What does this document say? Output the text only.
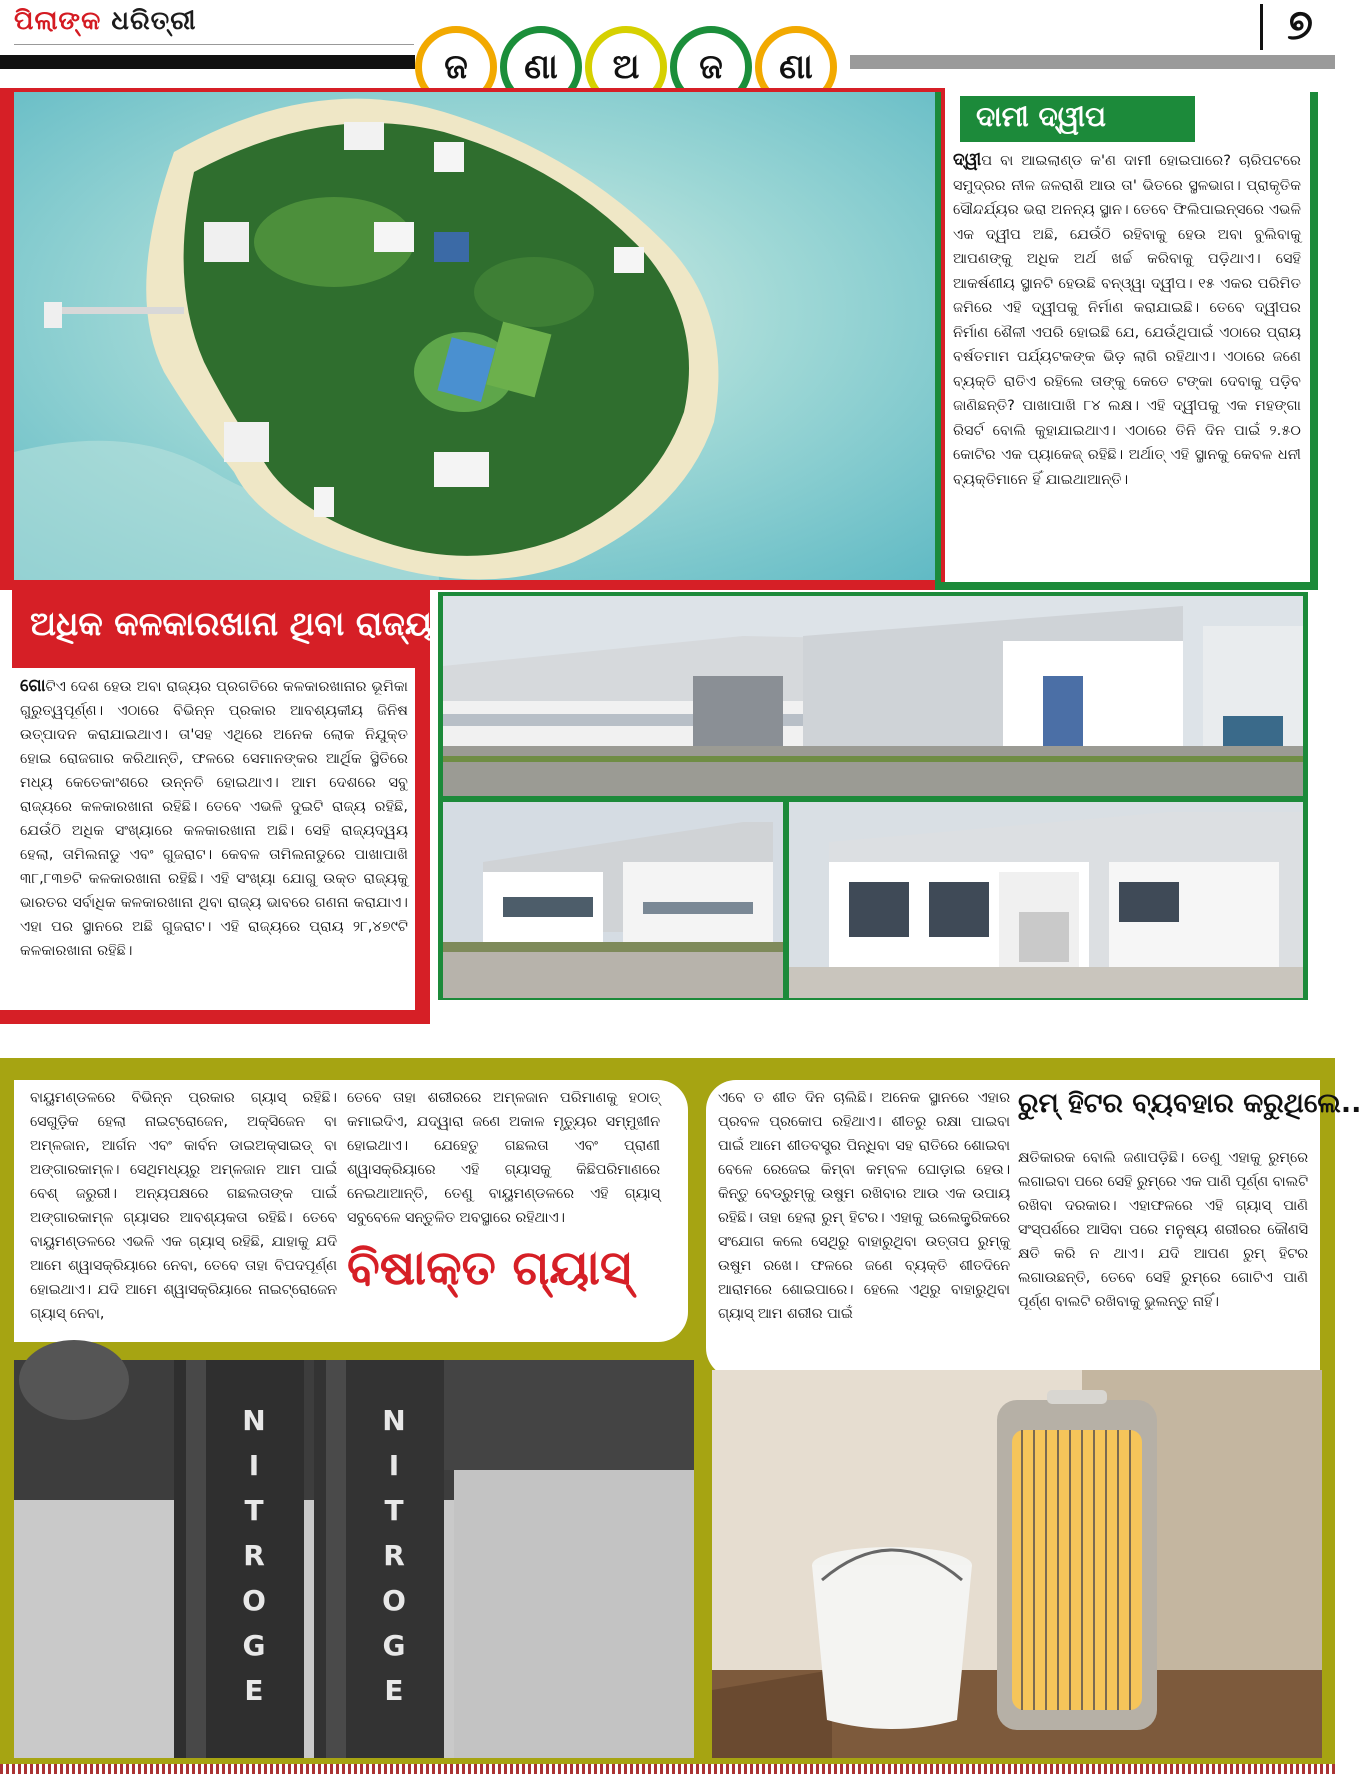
ପିଲାଙ୍କ ଧରିତ୍ରୀ	୭
ଜ	ଣା	ଅ	ଜ	ଣା
ଦାମୀ ଦ୍ୱୀପ
ଦ୍ୱୀପ ବା ଆଇଲାଣ୍ଡ କ'ଣ ଦାମୀ ହୋଇପାରେ? ଚାରିପଟରେ ସମୁଦ୍ରର ନୀଳ ଜଳରାଶି ଆଉ ତା' ଭିତରେ ସ୍ଥଳଭାଗ। ପ୍ରାକୃତିକ ସୌନ୍ଦର୍ଯ୍ୟର ଭରା ଅନନ୍ୟ ସ୍ଥାନ। ତେବେ ଫିଲିପାଇନ୍ସରେ ଏଭଳି ଏକ ଦ୍ୱୀପ ଅଛି, ଯେଉଁଠି ରହିବାକୁ ହେଉ ଅବା ବୁଲିବାକୁ ଆପଣଙ୍କୁ ଅଧିକ ଅର୍ଥ ଖର୍ଚ୍ଚ କରିବାକୁ ପଡ଼ିଥାଏ। ସେହି ଆକର୍ଷଣୀୟ ସ୍ଥାନଟି ହେଉଛି ବନ୍‌ଓ୍ୱା ଦ୍ୱୀପ। ୧୫ ଏକର ପରିମିତ ଜମିରେ ଏହି ଦ୍ୱୀପକୁ ନିର୍ମାଣ କରାଯାଇଛି। ତେବେ ଦ୍ୱୀପର ନିର୍ମାଣ ଶୈଳୀ ଏପରି ହୋଇଛି ଯେ, ଯେଉଁଥିପାଇଁ ଏଠାରେ ପ୍ରାୟ ବର୍ଷତମାମ ପର୍ଯ୍ୟଟକଙ୍କ ଭିଡ଼ ଲାଗି ରହିଥାଏ। ଏଠାରେ ଜଣେ ବ୍ୟକ୍ତି ରାତିଏ ରହିଲେ ତାଙ୍କୁ କେତେ ଟଙ୍କା ଦେବାକୁ ପଡ଼ିବ ଜାଣିଛନ୍ତି? ପାଖାପାଖି ୮୪ ଲକ୍ଷ। ଏହି ଦ୍ୱୀପକୁ ଏକ ମହଙ୍ଗା ରିସର୍ଟ ବୋଲି କୁହାଯାଇଥାଏ। ଏଠାରେ ତିନି ଦିନ ପାଇଁ ୨.୫୦ କୋଟିର ଏକ ପ୍ୟାକେଜ୍ ରହିଛି। ଅର୍ଥାତ୍ ଏହି ସ୍ଥାନକୁ କେବଳ ଧନୀ ବ୍ୟକ୍ତିମାନେ ହିଁ ଯାଇଥାଆନ୍ତି।
ଅଧିକ କଳକାରଖାନା ଥିବା ରାଜ୍ୟ
ଗୋଟିଏ ଦେଶ ହେଉ ଅବା ରାଜ୍ୟର ପ୍ରଗତିରେ କଳକାରଖାନାର ଭୂମିକା ଗୁରୁତ୍ୱପୂର୍ଣ୍ଣ। ଏଠାରେ ବିଭିନ୍ନ ପ୍ରକାର ଆବଶ୍ୟକୀୟ ଜିନିଷ ଉତ୍ପାଦନ କରାଯାଇଥାଏ। ତା'ସହ ଏଥିରେ ଅନେକ ଲୋକ ନିଯୁକ୍ତ ହୋଇ ରୋଜଗାର କରିଥାନ୍ତି, ଫଳରେ ସେମାନଙ୍କର ଆର୍ଥିକ ସ୍ଥିତିରେ ମଧ୍ୟ କେତେକାଂଶରେ ଉନ୍ନତି ହୋଇଥାଏ। ଆମ ଦେଶରେ ସବୁ ରାଜ୍ୟରେ କଳକାରଖାନା ରହିଛି। ତେବେ ଏଭଳି ଦୁଇଟି ରାଜ୍ୟ ରହିଛି, ଯେଉଁଠି ଅଧିକ ସଂଖ୍ୟାରେ କଳକାରଖାନା ଅଛି। ସେହି ରାଜ୍ୟଦ୍ୱୟ ହେଲା, ତାମିଲନାଡୁ ଏବଂ ଗୁଜରାଟ। କେବଳ ତାମିଲନାଡୁରେ ପାଖାପାଖି ୩୮,୮୩୭ଟି କଳକାରଖାନା ରହିଛି। ଏହି ସଂଖ୍ୟା ଯୋଗୁ ଉକ୍ତ ରାଜ୍ୟକୁ ଭାରତର ସର୍ବାଧିକ କଳକାରଖାନା ଥିବା ରାଜ୍ୟ ଭାବରେ ଗଣନା କରାଯାଏ। ଏହା ପର ସ୍ଥାନରେ ଅଛି ଗୁଜରାଟ। ଏହି ରାଜ୍ୟରେ ପ୍ରାୟ ୨୮,୪୭୯ଟି କଳକାରଖାନା ରହିଛି।
ବାୟୁମଣ୍ଡଳରେ ବିଭିନ୍ନ ପ୍ରକାର ଗ୍ୟାସ୍ ରହିଛି। ସେଗୁଡ଼ିକ ହେଲା ନାଇଟ୍ରୋଜେନ, ଅକ୍ସିଜେନ ବା ଅମ୍ଳଜାନ, ଆର୍ଗନ ଏବଂ କାର୍ବନ ଡାଇଅକ୍ସାଇଡ୍ ବା ଅଙ୍ଗାରକାମ୍ଳ। ସେଥିମଧ୍ୟରୁ ଅମ୍ଳଜାନ ଆମ ପାଇଁ ବେଶ୍ ଜରୁରୀ। ଅନ୍ୟପକ୍ଷରେ ଗଛଲତାଙ୍କ ପାଇଁ ଅଙ୍ଗାରକାମ୍ଳ ଗ୍ୟାସର ଆବଶ୍ୟକତା ରହିଛି। ତେବେ ବାୟୁମଣ୍ଡଳରେ ଏଭଳି ଏକ ଗ୍ୟାସ୍ ରହିଛି, ଯାହାକୁ ଯଦି ଆମେ ଶ୍ୱାସକ୍ରିୟାରେ ନେବା, ତେବେ ତାହା ବିପଦପୂର୍ଣ୍ଣ ହୋଇଥାଏ। ଯଦି ଆମେ ଶ୍ୱାସକ୍ରିୟାରେ ନାଇଟ୍ରୋଜେନ ଗ୍ୟାସ୍ ନେବା,
ତେବେ ତାହା ଶରୀରରେ ଅମ୍ଳଜାନ ପରିମାଣକୁ ହଠାତ୍ କମାଇଦିଏ, ଯଦ୍ୱାରା ଜଣେ ଅକାଳ ମୃତ୍ୟୁର ସମ୍ମୁଖୀନ ହୋଇଥାଏ। ଯେହେତୁ ଗଛଲତା ଏବଂ ପ୍ରାଣୀ ଶ୍ୱାସକ୍ରିୟାରେ ଏହି ଗ୍ୟାସକୁ କିଛିପରିମାଣରେ ନେଇଥାଆନ୍ତି, ତେଣୁ ବାୟୁମଣ୍ଡଳରେ ଏହି ଗ୍ୟାସ୍ ସବୁବେଳେ ସନ୍ତୁଳିତ ଅବସ୍ଥାରେ ରହିଥାଏ।
ବିଷାକ୍ତ ଗ୍ୟାସ୍
N
I
T
R
O
G
E
N
I
T
R
O
G
E
ଏବେ ତ ଶୀତ ଦିନ ଚାଲିଛି। ଅନେକ ସ୍ଥାନରେ ଏହାର ପ୍ରବଳ ପ୍ରକୋପ ରହିଥାଏ। ଶୀତରୁ ରକ୍ଷା ପାଇବା ପାଇଁ ଆମେ ଶୀତବସ୍ତ୍ର ପିନ୍ଧିବା ସହ ରାତିରେ ଶୋଇବା ବେଳେ ରେଜେଇ କିମ୍ବା କମ୍ବଳ ଘୋଡ଼ାଇ ହେଉ। କିନ୍ତୁ ବେଡ୍‌ରୁମ୍‌କୁ ଉଷୁମ ରଖିବାର ଆଉ ଏକ ଉପାୟ ରହିଛି। ତାହା ହେଲା ରୁମ୍ ହିଟର। ଏହାକୁ ଇଲେକ୍ଟ୍ରିକରେ ସଂଯୋଗ କଲେ ସେଥିରୁ ବାହାରୁଥିବା ଉତ୍ତାପ ରୁମ୍‌କୁ ଉଷୁମ ରଖେ। ଫଳରେ ଜଣେ ବ୍ୟକ୍ତି ଶୀତଦିନେ ଆରାମରେ ଶୋଇପାରେ। ହେଲେ ଏଥିରୁ ବାହାରୁଥିବା ଗ୍ୟାସ୍ ଆମ ଶରୀର ପାଇଁ
ରୁମ୍ ହିଟର ବ୍ୟବହାର କରୁଥିଲେ..
କ୍ଷତିକାରକ ବୋଲି ଜଣାପଡ଼ିଛି। ତେଣୁ ଏହାକୁ ରୁମ୍‌ରେ ଲଗାଇବା ପରେ ସେହି ରୁମ୍‌ରେ ଏକ ପାଣି ପୂର୍ଣ୍ଣ ବାଲଟି ରଖିବା ଦରକାର। ଏହାଫଳରେ ଏହି ଗ୍ୟାସ୍ ପାଣି ସଂସ୍ପର୍ଶରେ ଆସିବା ପରେ ମନୁଷ୍ୟ ଶରୀରର କୌଣସି କ୍ଷତି କରି ନ ଥାଏ। ଯଦି ଆପଣ ରୁମ୍ ହିଟର ଲଗାଉଛନ୍ତି, ତେବେ ସେହି ରୁମ୍‌ରେ ଗୋଟିଏ ପାଣି ପୂର୍ଣ୍ଣ ବାଲଟି ରଖିବାକୁ ଭୁଲନ୍ତୁ ନାହିଁ।
